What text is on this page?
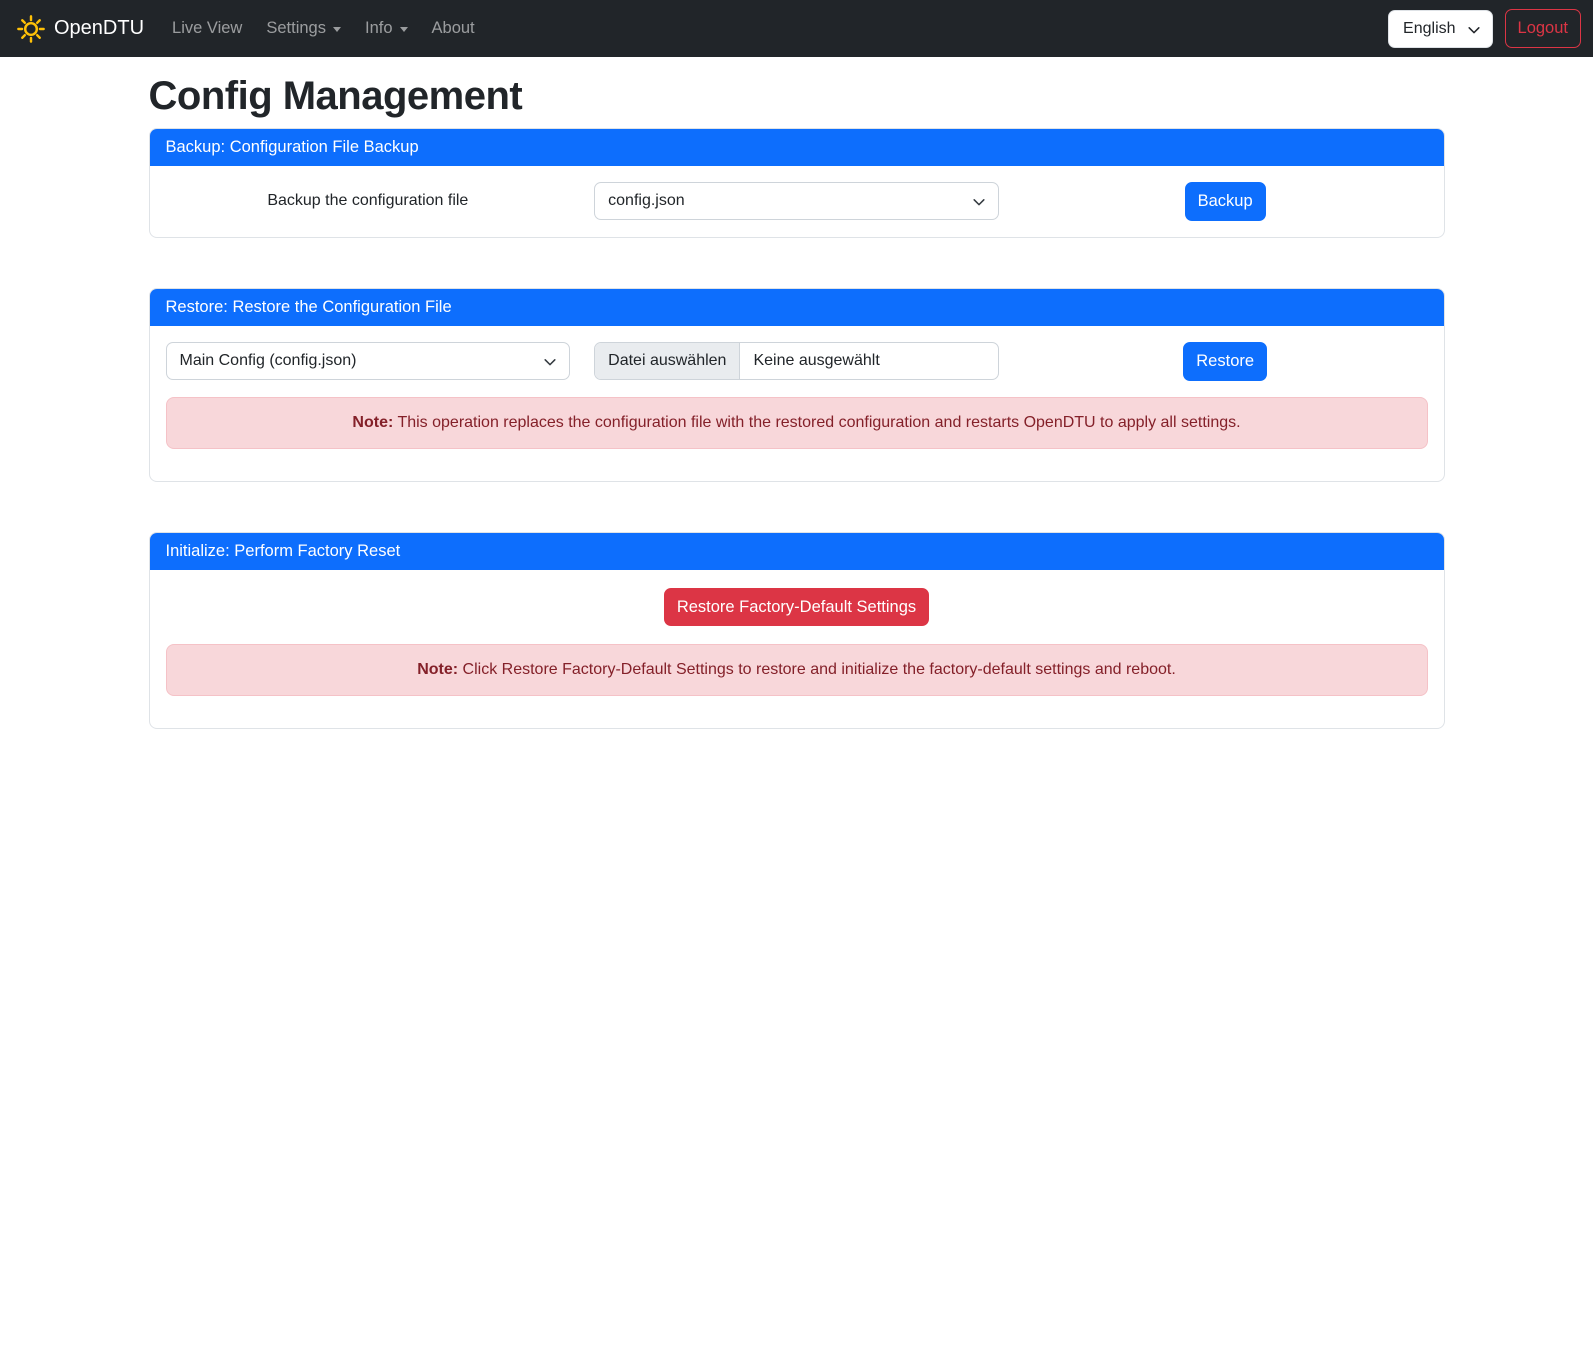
OpenDTU Live View Settings Info About	English	Logout
Config Management
Backup: Configuration File Backup
Backup the configuration file	config.json	Backup
Restore: Restore the Configuration File
Main Config (config.json)	Datei auswählen	Keine ausgewählt	Restore
Note: This operation replaces the configuration file with the restored configuration and restarts OpenDTU to apply all settings.
Initialize: Perform Factory Reset
Restore Factory-Default Settings
Note: Click Restore Factory-Default Settings to restore and initialize the factory-default settings and reboot.
